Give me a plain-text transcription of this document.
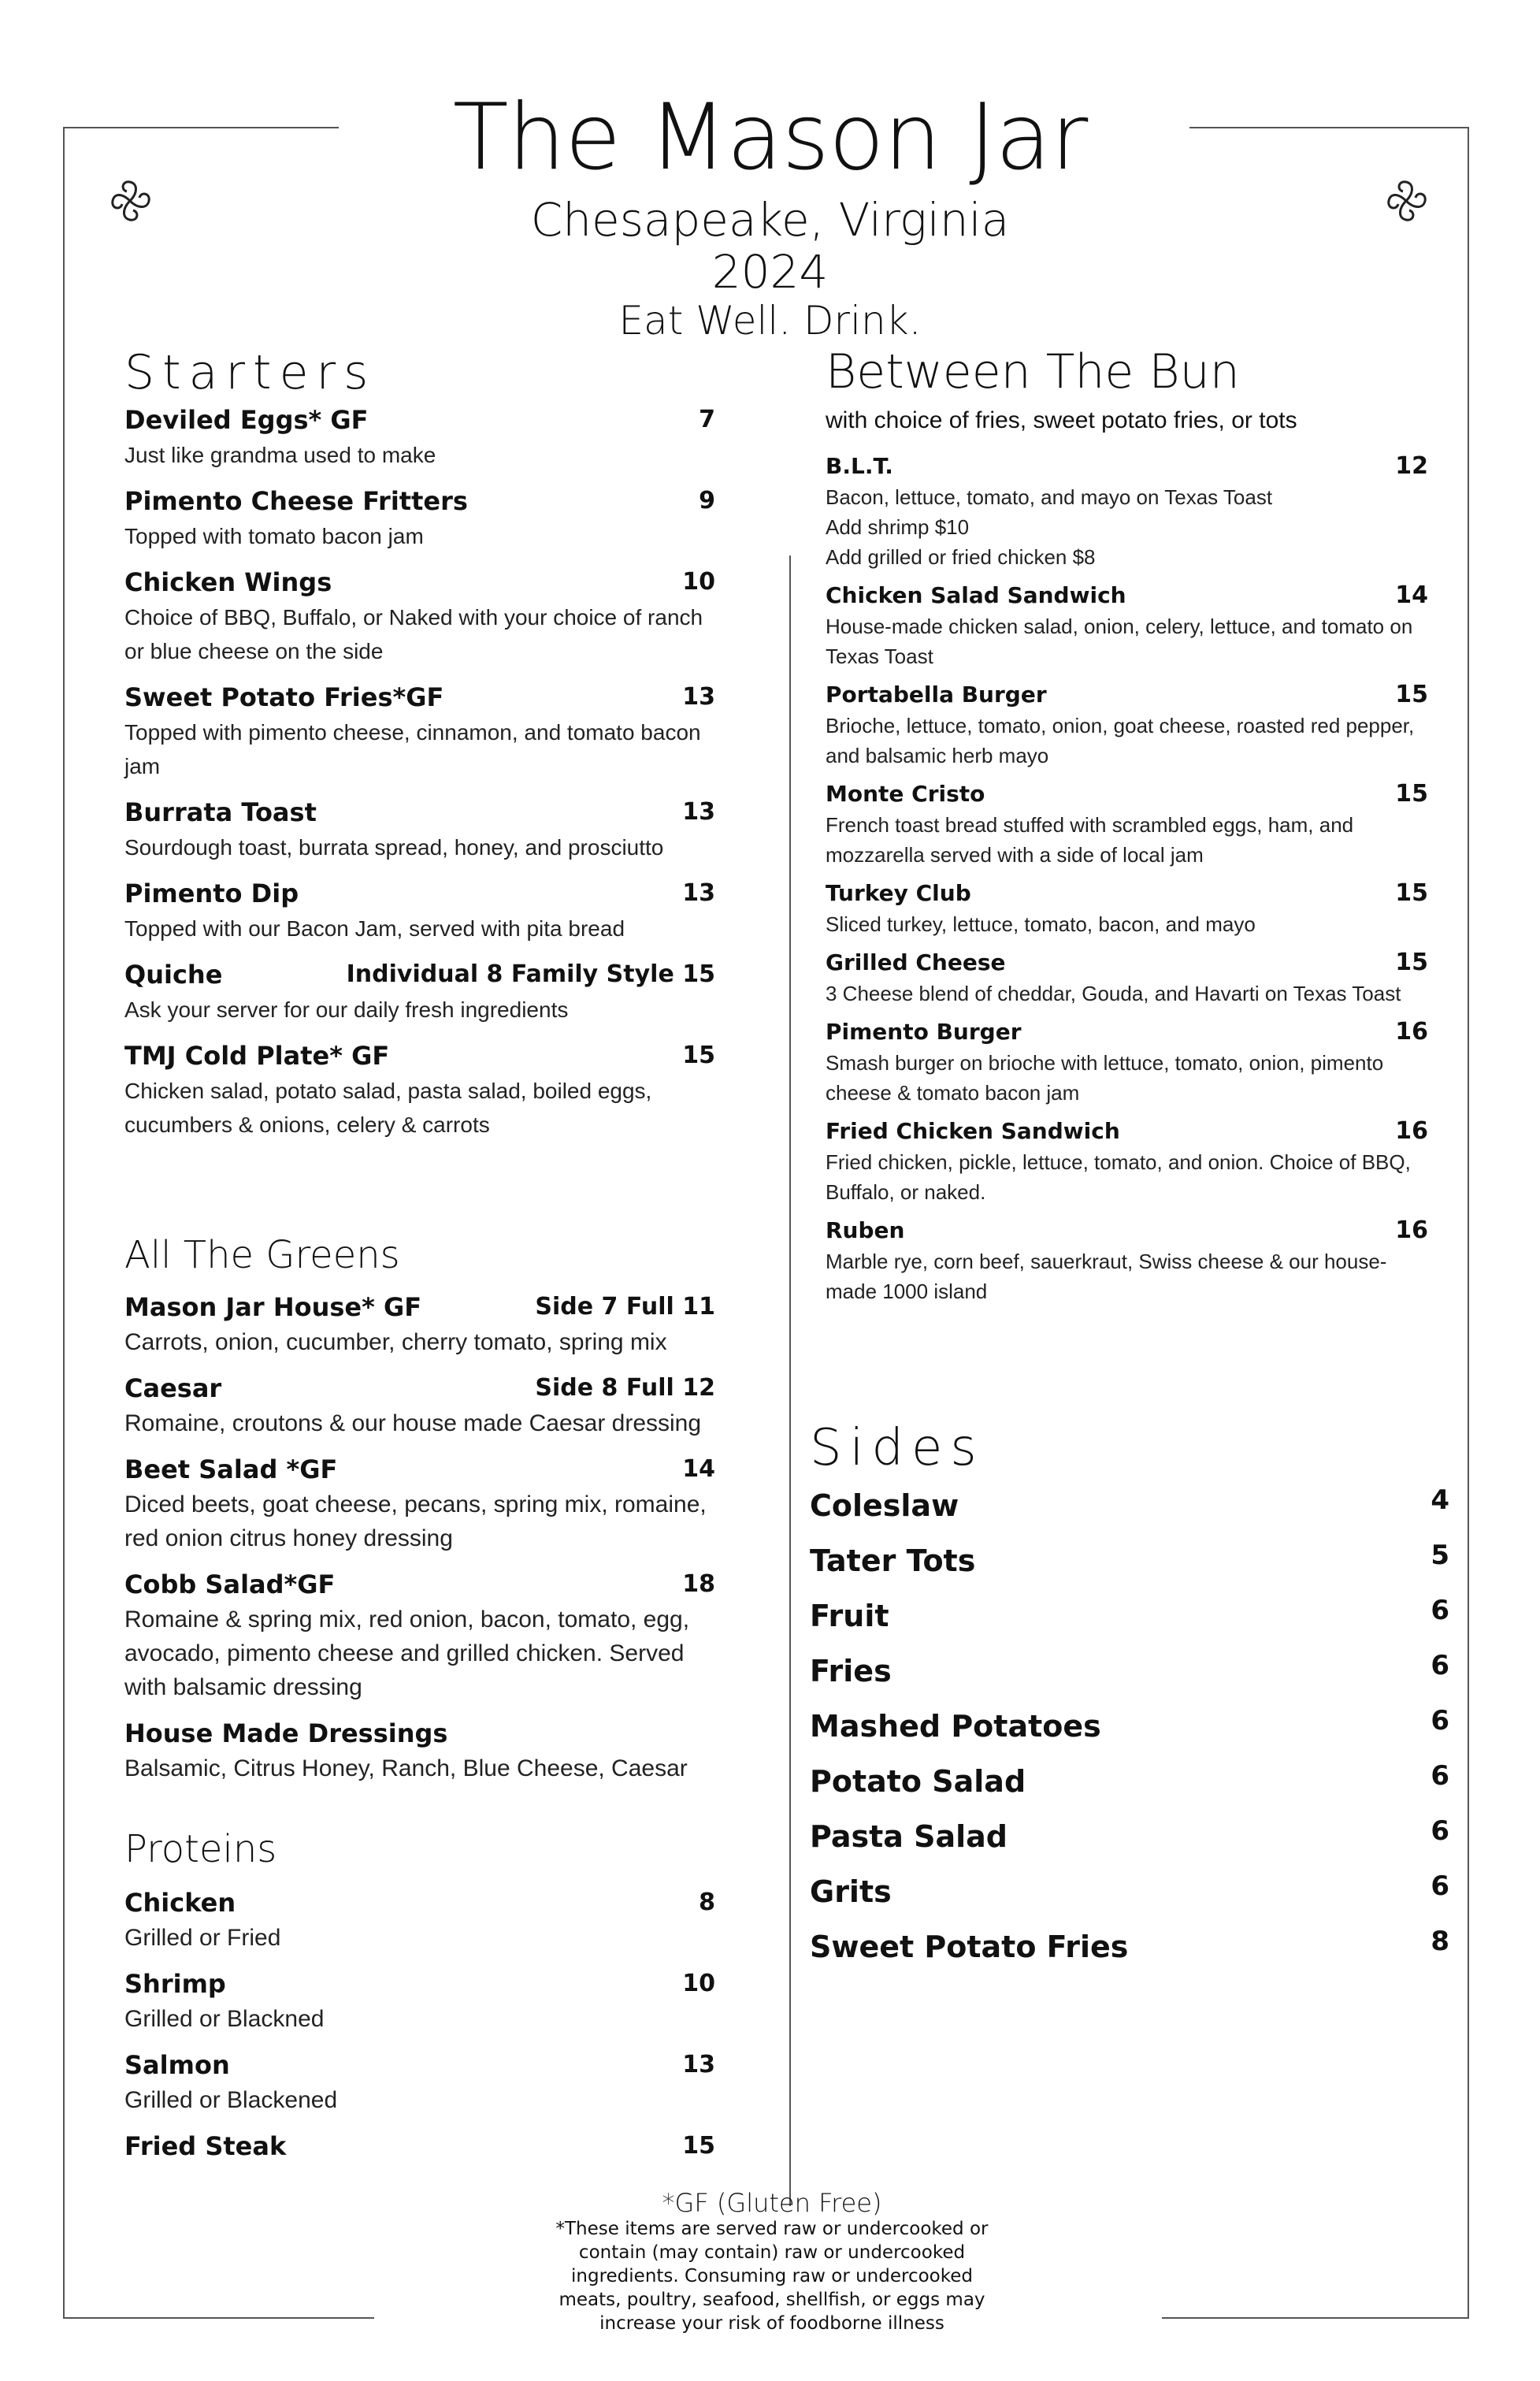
The Mason Jar
Chesapeake, Virginia
2024
Eat Well. Drink.
Starters
Deviled Eggs* GF	7
Just like grandma used to make
Pimento Cheese Fritters	9
Topped with tomato bacon jam
Chicken Wings	10
Choice of BBQ, Buffalo, or Naked with your choice of ranch or blue cheese on the side
Sweet Potato Fries*GF	13
Topped with pimento cheese, cinnamon, and tomato bacon jam
Burrata Toast	13
Sourdough toast, burrata spread, honey, and prosciutto
Pimento Dip	13
Topped with our Bacon Jam, served with pita bread
Quiche	Individual 8 Family Style 15
Ask your server for our daily fresh ingredients
TMJ Cold Plate* GF	15
Chicken salad, potato salad, pasta salad, boiled eggs, cucumbers & onions, celery & carrots
All The Greens
Mason Jar House* GF	Side 7 Full 11
Carrots, onion, cucumber, cherry tomato, spring mix
Caesar	Side 8 Full 12
Romaine, croutons & our house made Caesar dressing
Beet Salad *GF	14
Diced beets, goat cheese, pecans, spring mix, romaine, red onion citrus honey dressing
Cobb Salad*GF	18
Romaine & spring mix, red onion, bacon, tomato, egg, avocado, pimento cheese and grilled chicken. Served with balsamic dressing
House Made Dressings
Balsamic, Citrus Honey, Ranch, Blue Cheese, Caesar
Proteins
Chicken	8
Grilled or Fried
Shrimp	10
Grilled or Blackned
Salmon	13
Grilled or Blackened
Fried Steak	15
Between The Bun
with choice of fries, sweet potato fries, or tots
B.L.T.	12
Bacon, lettuce, tomato, and mayo on Texas Toast
Add shrimp $10
Add grilled or fried chicken $8
Chicken Salad Sandwich	14
House-made chicken salad, onion, celery, lettuce, and tomato on Texas Toast
Portabella Burger	15
Brioche, lettuce, tomato, onion, goat cheese, roasted red pepper, and balsamic herb mayo
Monte Cristo	15
French toast bread stuffed with scrambled eggs, ham, and mozzarella served with a side of local jam
Turkey Club	15
Sliced turkey, lettuce, tomato, bacon, and mayo
Grilled Cheese	15
3 Cheese blend of cheddar, Gouda, and Havarti on Texas Toast
Pimento Burger	16
Smash burger on brioche with lettuce, tomato, onion, pimento cheese & tomato bacon jam
Fried Chicken Sandwich	16
Fried chicken, pickle, lettuce, tomato, and onion. Choice of BBQ, Buffalo, or naked.
Ruben	16
Marble rye, corn beef, sauerkraut, Swiss cheese & our house-made 1000 island
Sides
Coleslaw	4
Tater Tots	5
Fruit	6
Fries	6
Mashed Potatoes	6
Potato Salad	6
Pasta Salad	6
Grits	6
Sweet Potato Fries	8
*GF (Gluten Free)
*These items are served raw or undercooked or contain (may contain) raw or undercooked ingredients. Consuming raw or undercooked meats, poultry, seafood, shellfish, or eggs may increase your risk of foodborne illness
